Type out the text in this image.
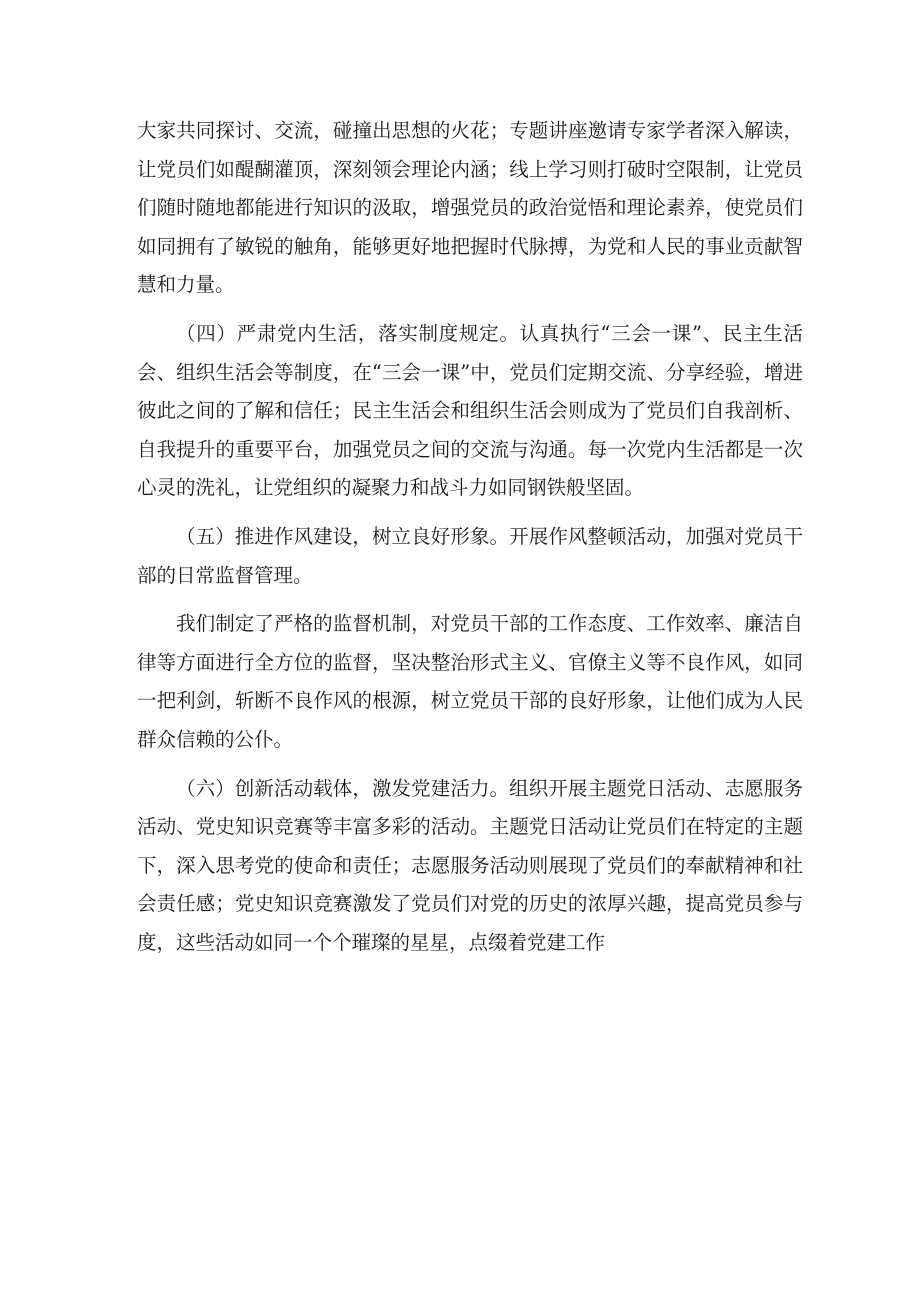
大家共同探讨、交流，碰撞出思想的火花；专题讲座邀请专家学者深入解读，让党员们如醍醐灌顶，深刻领会理论内涵；线上学习则打破时空限制，让党员们随时随地都能进行知识的汲取，增强党员的政治觉悟和理论素养，使党员们如同拥有了敏锐的触角，能够更好地把握时代脉搏，为党和人民的事业贡献智慧和力量。

（四）严肃党内生活，落实制度规定。认真执行“三会一课”、民主生活会、组织生活会等制度，在“三会一课”中，党员们定期交流、分享经验，增进彼此之间的了解和信任；民主生活会和组织生活会则成为了党员们自我剖析、自我提升的重要平台，加强党员之间的交流与沟通。每一次党内生活都是一次心灵的洗礼，让党组织的凝聚力和战斗力如同钢铁般坚固。

（五）推进作风建设，树立良好形象。开展作风整顿活动，加强对党员干部的日常监督管理。

我们制定了严格的监督机制，对党员干部的工作态度、工作效率、廉洁自律等方面进行全方位的监督，坚决整治形式主义、官僚主义等不良作风，如同一把利剑，斩断不良作风的根源，树立党员干部的良好形象，让他们成为人民群众信赖的公仆。

（六）创新活动载体，激发党建活力。组织开展主题党日活动、志愿服务活动、党史知识竞赛等丰富多彩的活动。主题党日活动让党员们在特定的主题下，深入思考党的使命和责任；志愿服务活动则展现了党员们的奉献精神和社会责任感；党史知识竞赛激发了党员们对党的历史的浓厚兴趣，提高党员参与度，这些活动如同一个个璀璨的星星，点缀着党建工作
